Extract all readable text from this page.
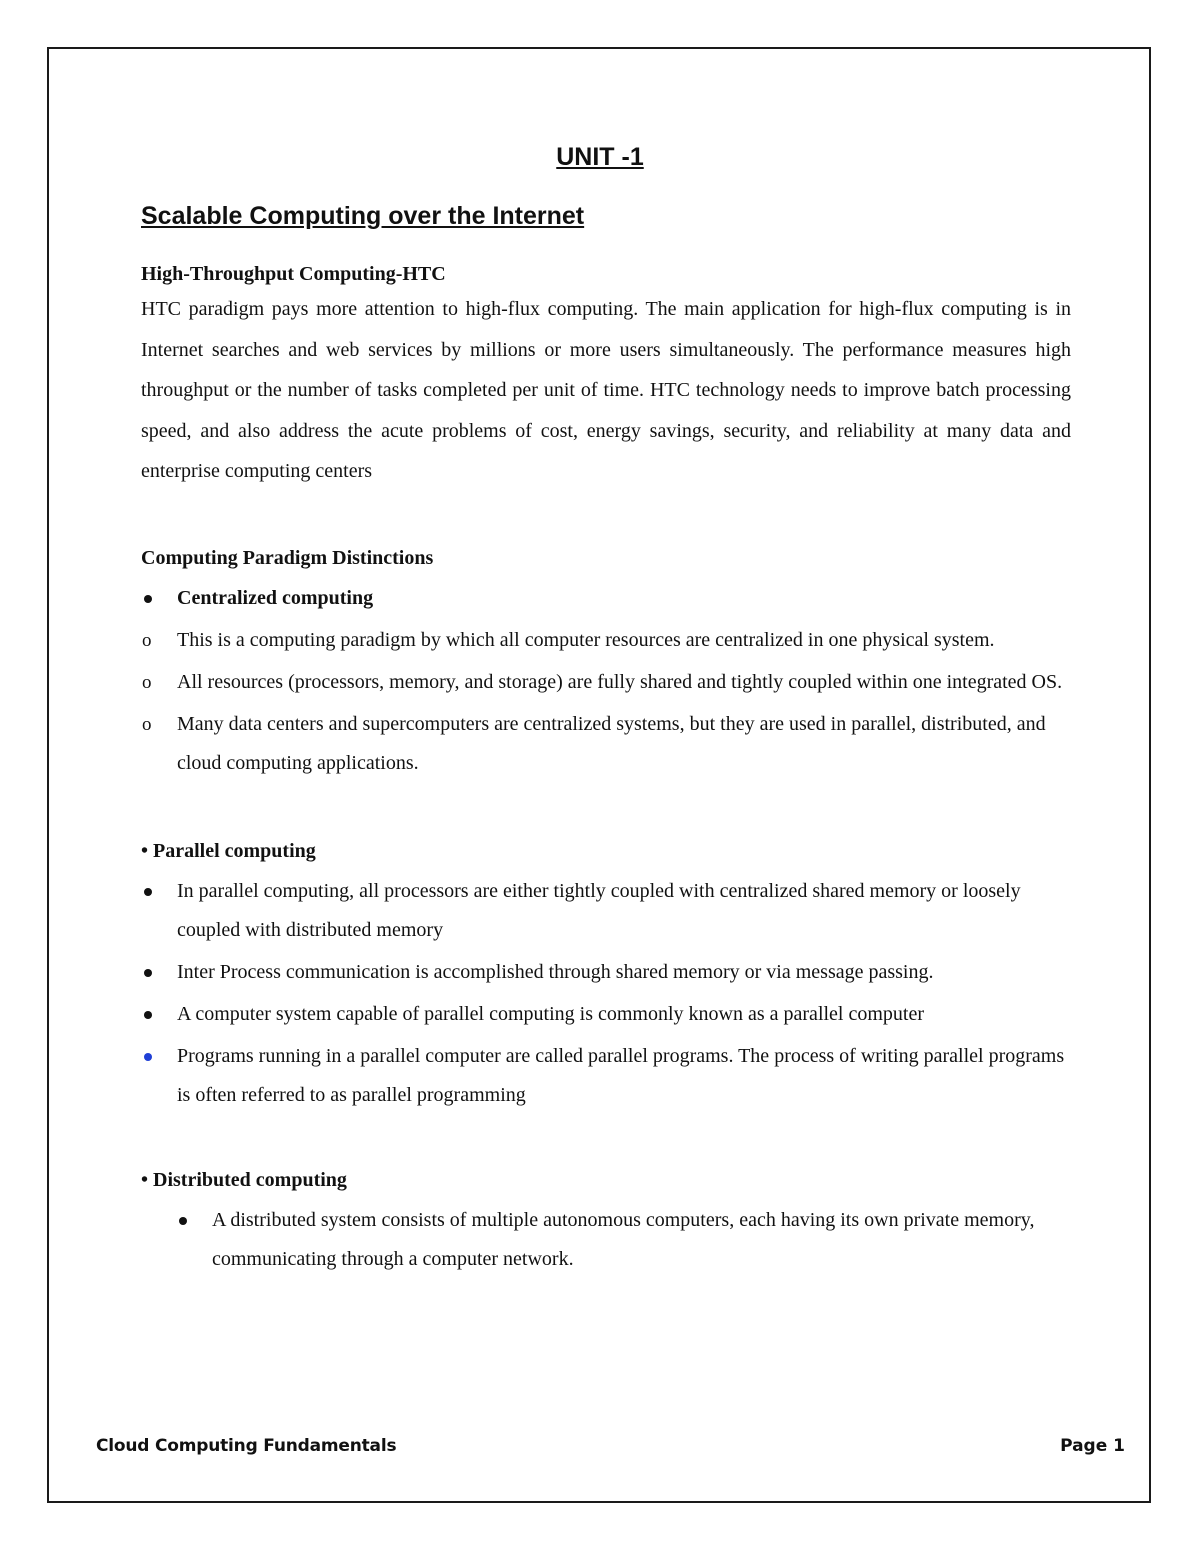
UNIT -1
Scalable Computing over the Internet
High-Throughput Computing-HTC

HTC paradigm pays more attention to high-flux computing. The main application for high-flux computing is in Internet searches and web services by millions or more users simultaneously. The performance measures high throughput or the number of tasks completed per unit of time. HTC technology needs to improve batch processing speed, and also address the acute problems of cost, energy savings, security, and reliability at many data and enterprise computing centers

Computing Paradigm Distinctions
Centralized computing
This is a computing paradigm by which all computer resources are centralized in one physical system.
All resources (processors, memory, and storage) are fully shared and tightly coupled within one integrated OS.
Many data centers and supercomputers are centralized systems, but they are used in parallel, distributed, and cloud computing applications.
• Parallel computing
In parallel computing, all processors are either tightly coupled with centralized shared memory or loosely coupled with distributed memory
Inter Process communication is accomplished through shared memory or via message passing.
A computer system capable of parallel computing is commonly known as a parallel computer
Programs running in a parallel computer are called parallel programs. The process of writing parallel programs is often referred to as parallel programming
• Distributed computing
A distributed system consists of multiple autonomous computers, each having its own private memory, communicating through a computer network.
Cloud Computing Fundamentals	Page 1
